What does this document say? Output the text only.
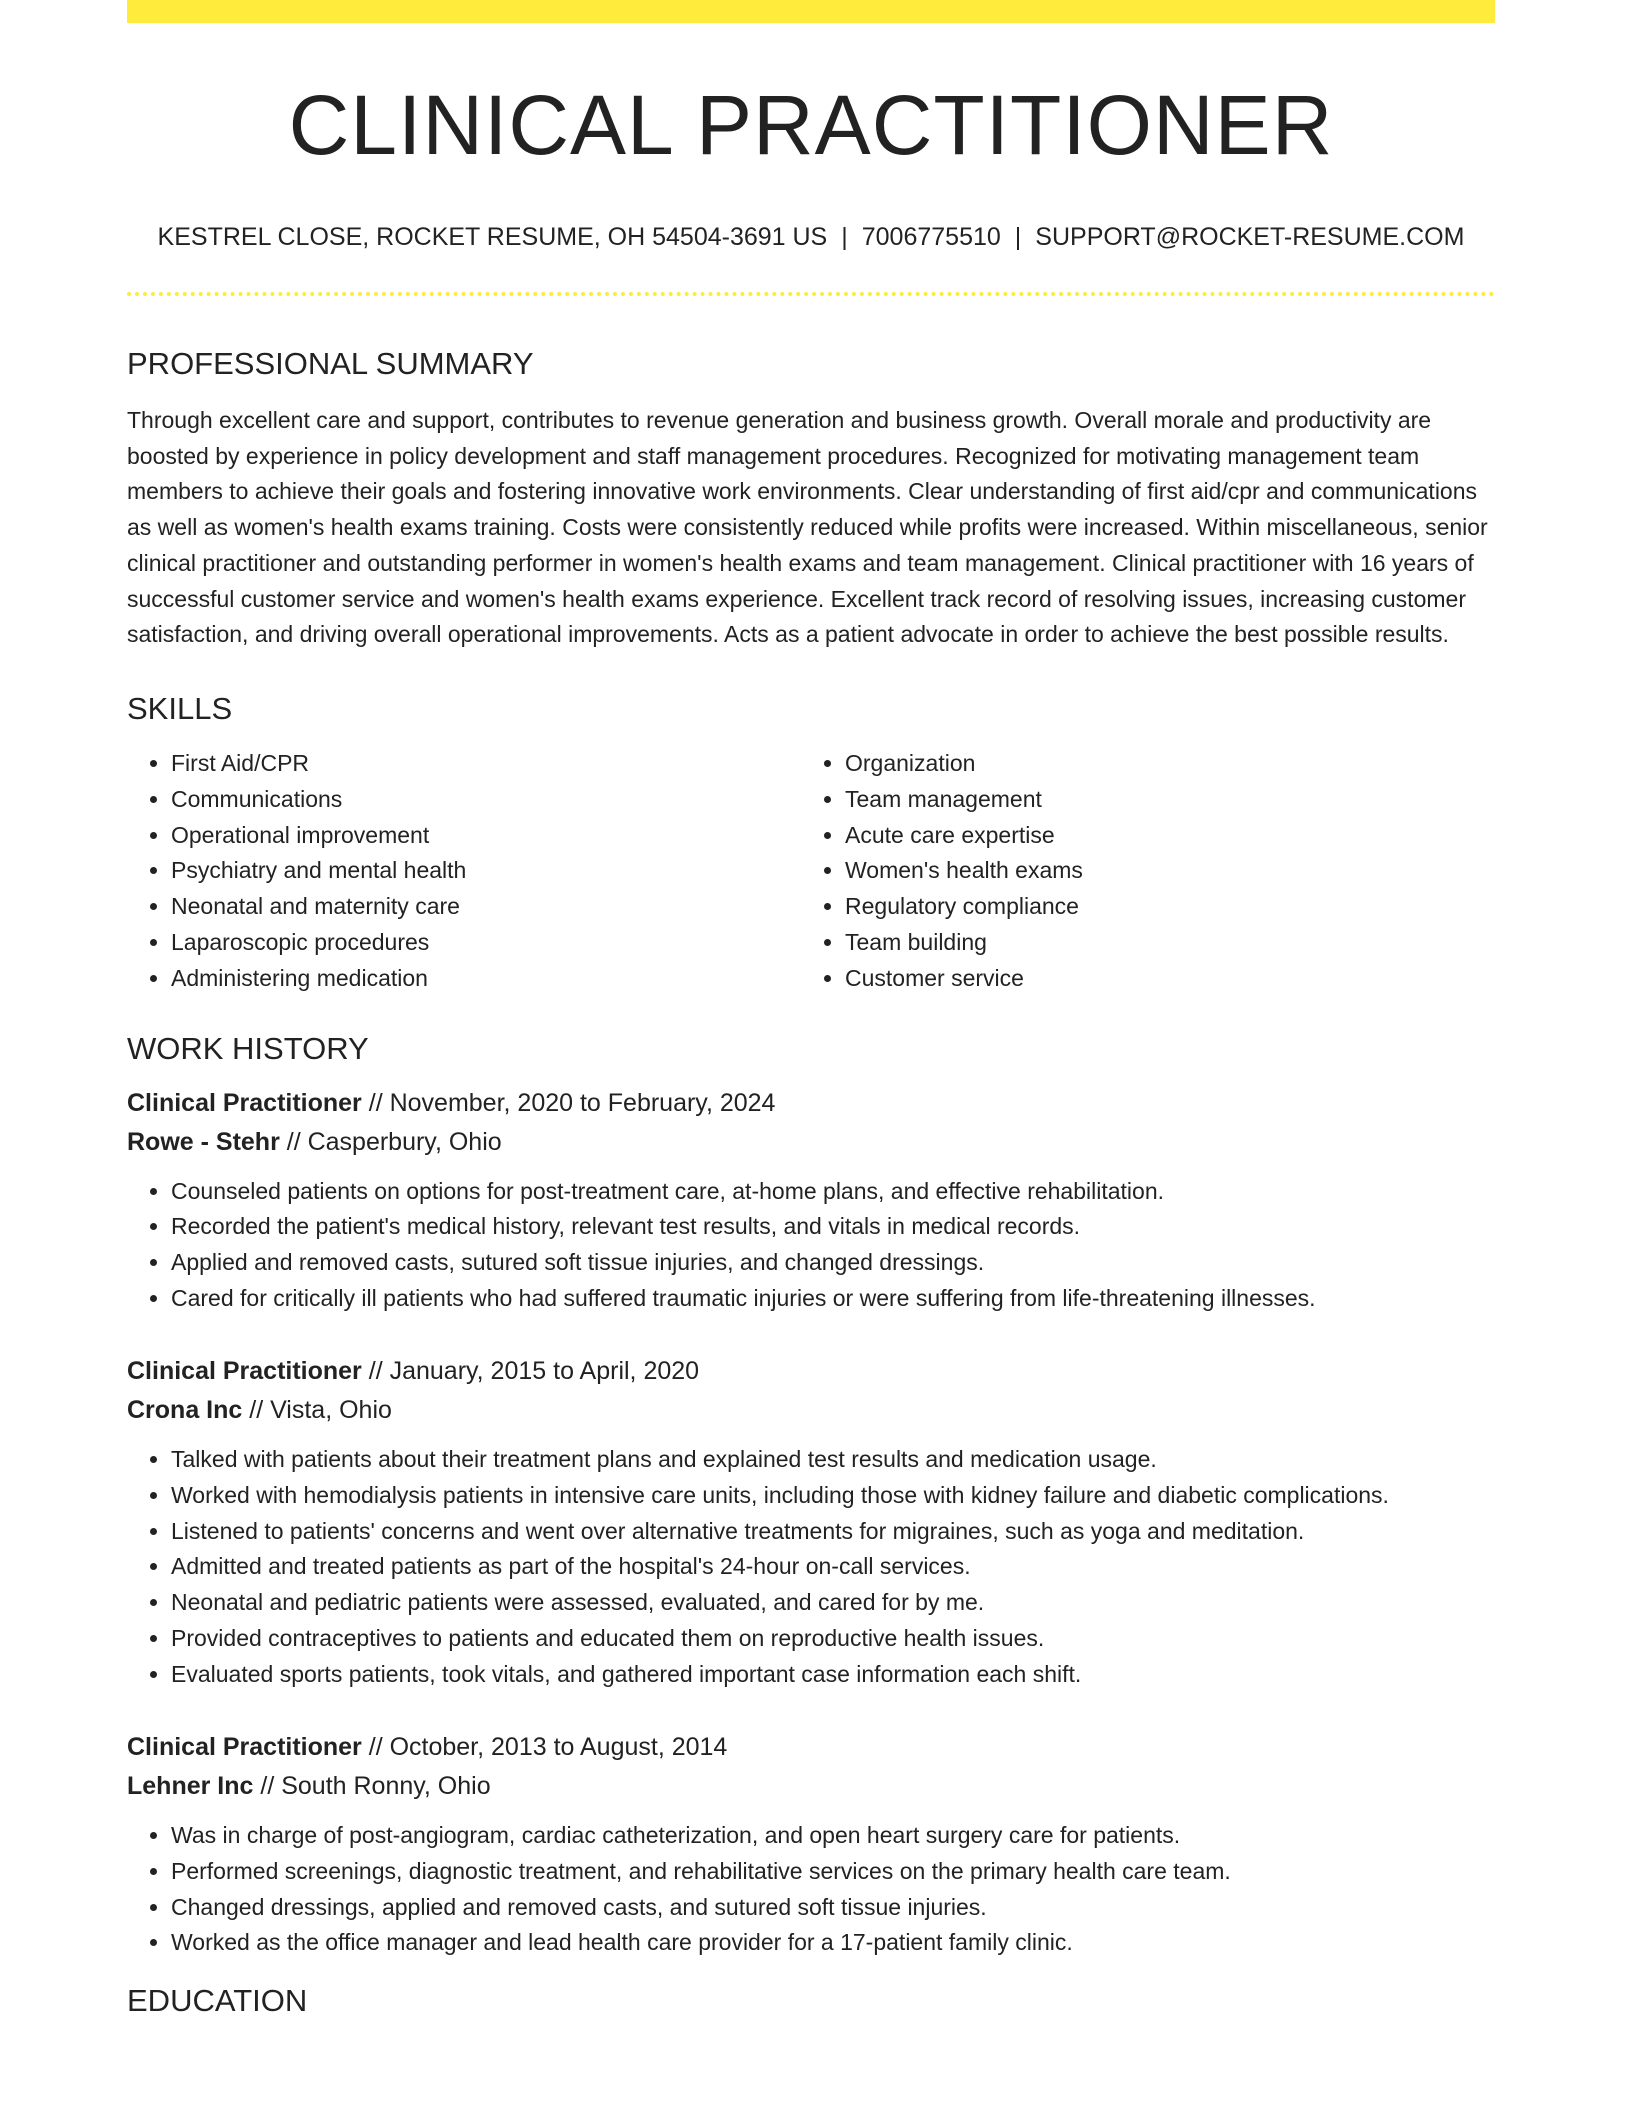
CLINICAL PRACTITIONER
KESTREL CLOSE, ROCKET RESUME, OH 54504-3691 US | 7006775510 | SUPPORT@ROCKET-RESUME.COM
PROFESSIONAL SUMMARY

Through excellent care and support, contributes to revenue generation and business growth. Overall morale and productivity are boosted by experience in policy development and staff management procedures. Recognized for motivating management team members to achieve their goals and fostering innovative work environments. Clear understanding of first aid/cpr and communications as well as women's health exams training. Costs were consistently reduced while profits were increased. Within miscellaneous, senior clinical practitioner and outstanding performer in women's health exams and team management. Clinical practitioner with 16 years of successful customer service and women's health exams experience. Excellent track record of resolving issues, increasing customer satisfaction, and driving overall operational improvements. Acts as a patient advocate in order to achieve the best possible results.

SKILLS
• First Aid/CPR
• Communications
• Operational improvement
• Psychiatry and mental health
• Neonatal and maternity care
• Laparoscopic procedures
• Administering medication
• Organization
• Team management
• Acute care expertise
• Women's health exams
• Regulatory compliance
• Team building
• Customer service
WORK HISTORY
Clinical Practitioner // November, 2020 to February, 2024
Rowe - Stehr // Casperbury, Ohio
• Counseled patients on options for post-treatment care, at-home plans, and effective rehabilitation.
• Recorded the patient's medical history, relevant test results, and vitals in medical records.
• Applied and removed casts, sutured soft tissue injuries, and changed dressings.
• Cared for critically ill patients who had suffered traumatic injuries or were suffering from life-threatening illnesses.
Clinical Practitioner // January, 2015 to April, 2020
Crona Inc // Vista, Ohio
• Talked with patients about their treatment plans and explained test results and medication usage.
• Worked with hemodialysis patients in intensive care units, including those with kidney failure and diabetic complications.
• Listened to patients' concerns and went over alternative treatments for migraines, such as yoga and meditation.
• Admitted and treated patients as part of the hospital's 24-hour on-call services.
• Neonatal and pediatric patients were assessed, evaluated, and cared for by me.
• Provided contraceptives to patients and educated them on reproductive health issues.
• Evaluated sports patients, took vitals, and gathered important case information each shift.
Clinical Practitioner // October, 2013 to August, 2014
Lehner Inc // South Ronny, Ohio
• Was in charge of post-angiogram, cardiac catheterization, and open heart surgery care for patients.
• Performed screenings, diagnostic treatment, and rehabilitative services on the primary health care team.
• Changed dressings, applied and removed casts, and sutured soft tissue injuries.
• Worked as the office manager and lead health care provider for a 17-patient family clinic.
EDUCATION
